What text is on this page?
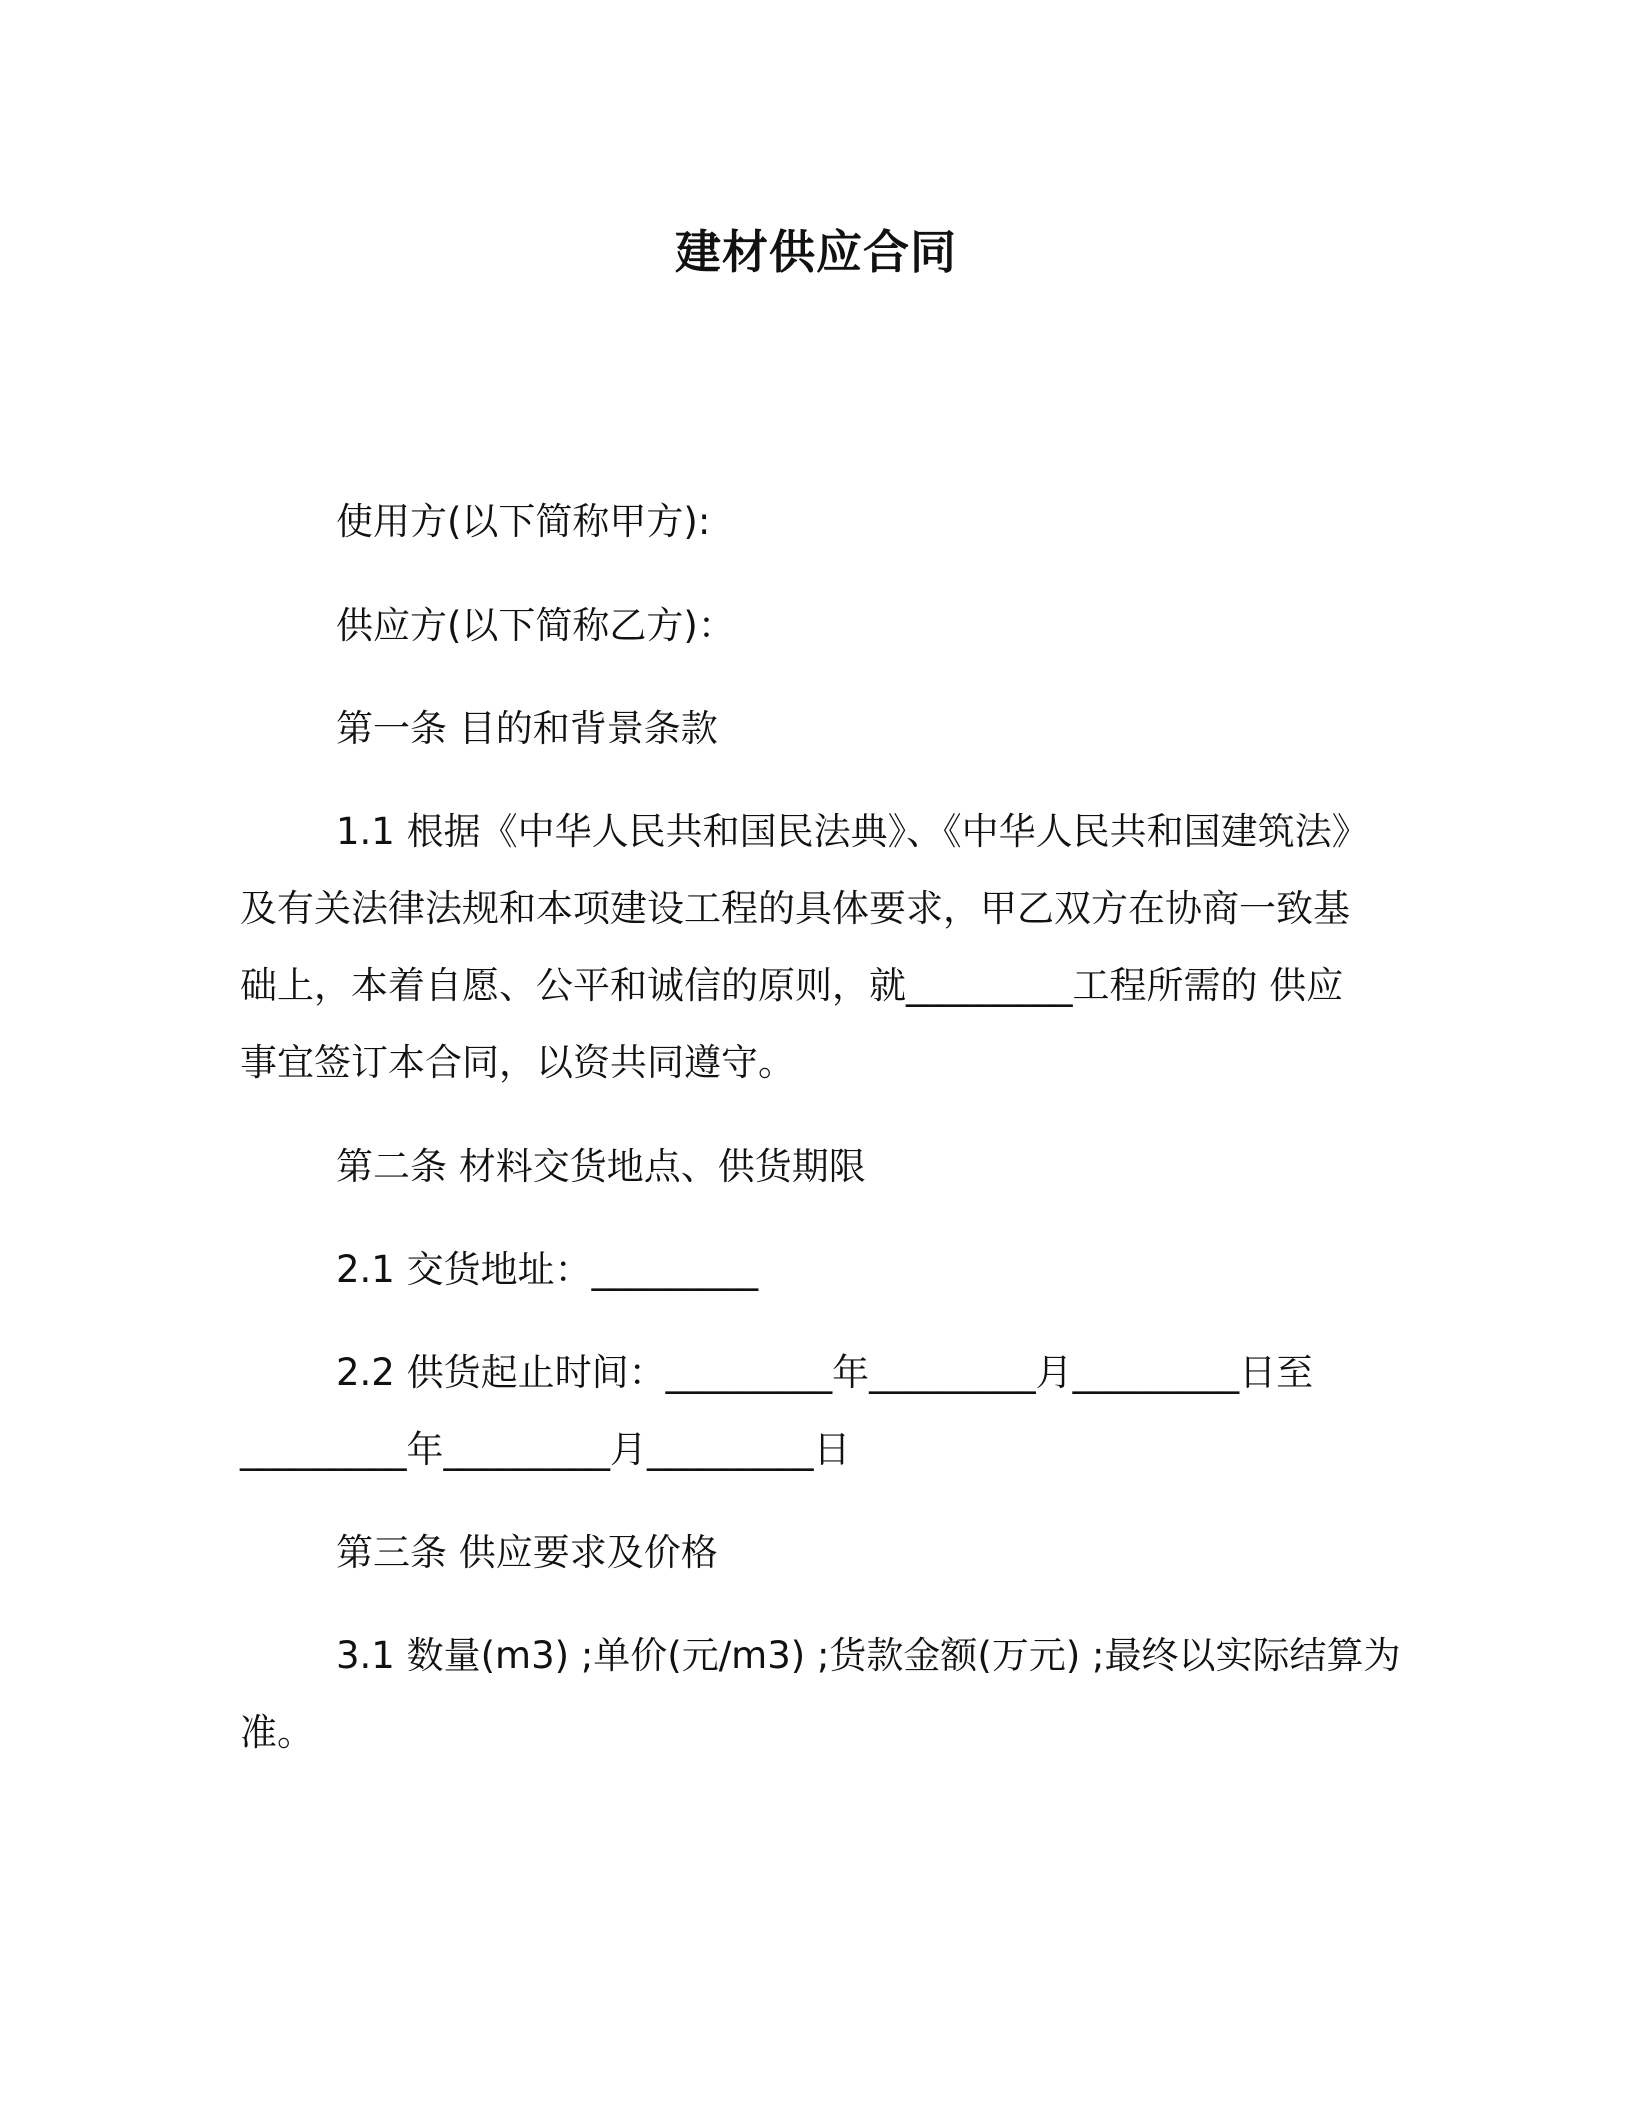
建材供应合同
使用方(以下简称甲方):
供应方(以下简称乙方)：
第一条 目的和背景条款
1.1 根据《中华人民共和国民法典》、《中华人民共和国建筑法》
及有关法律法规和本项建设工程的具体要求，甲乙双方在协商一致基
础上，本着自愿、公平和诚信的原则，就_________工程所需的 供应
事宜签订本合同，以资共同遵守。
第二条 材料交货地点、供货期限
2.1 交货地址：_________
2.2 供货起止时间：_________年_________月_________日至
_________年_________月_________日
第三条 供应要求及价格
3.1 数量(m3) ;单价(元/m3) ;货款金额(万元) ;最终以实际结算为
准。
